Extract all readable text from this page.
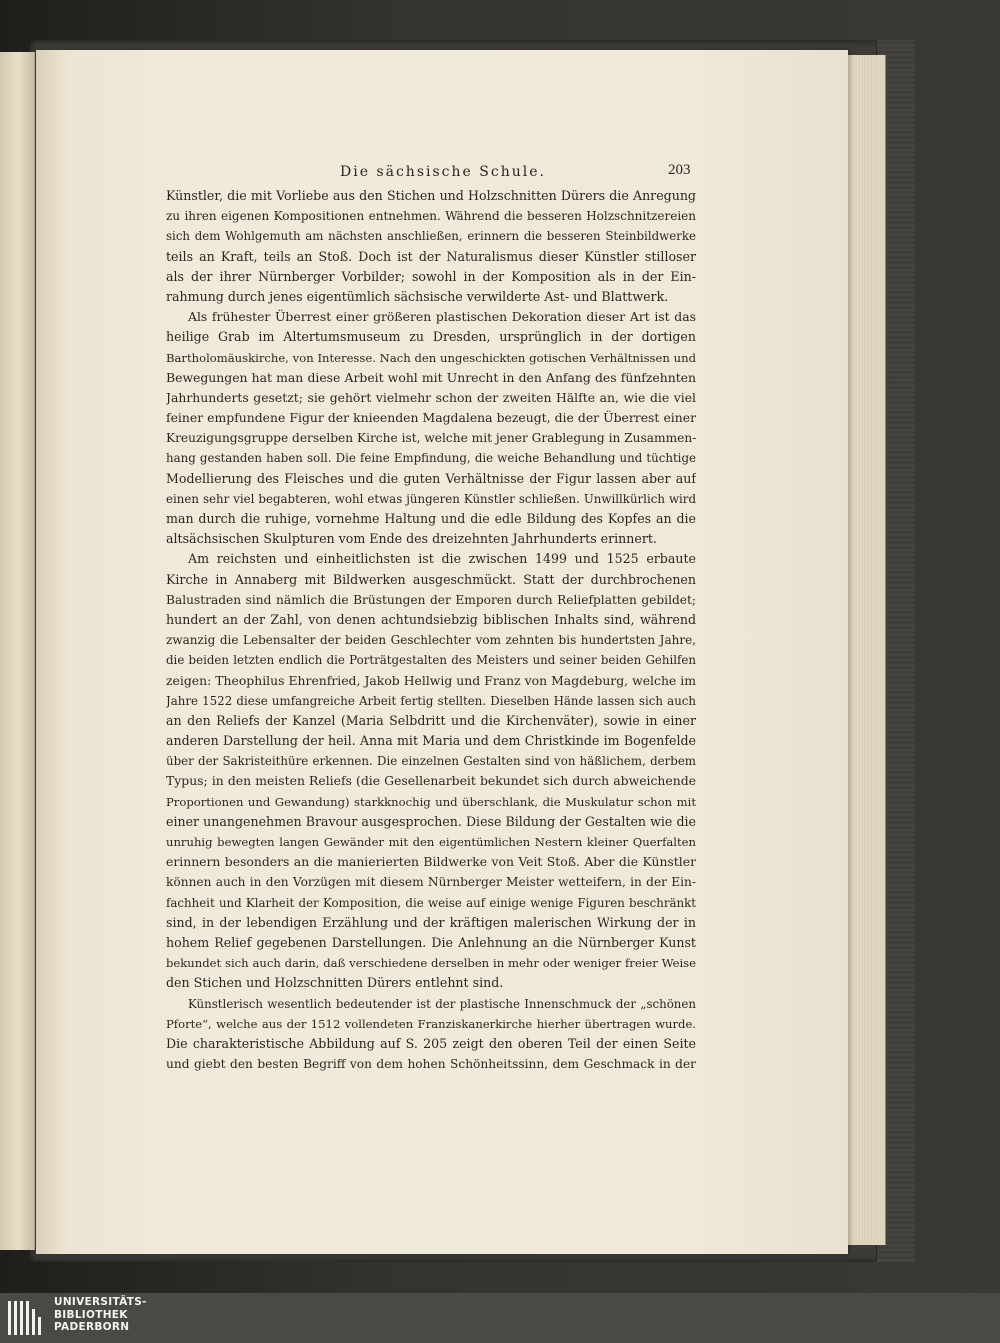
Die sächsische Schule.	203
Künstler, die mit Vorliebe aus den Stichen und Holzschnitten Dürers die Anregung
zu ihren eigenen Kompositionen entnehmen. Während die besseren Holzschnitzereien
sich dem Wohlgemuth am nächsten anschließen, erinnern die besseren Steinbildwerke
teils an Kraft, teils an Stoß. Doch ist der Naturalismus dieser Künstler stilloser
als der ihrer Nürnberger Vorbilder; sowohl in der Komposition als in der Ein-
rahmung durch jenes eigentümlich sächsische verwilderte Ast- und Blattwerk.
Als frühester Überrest einer größeren plastischen Dekoration dieser Art ist das
heilige Grab im Altertumsmuseum zu Dresden, ursprünglich in der dortigen
Bartholomäuskirche, von Interesse. Nach den ungeschickten gotischen Verhältnissen und
Bewegungen hat man diese Arbeit wohl mit Unrecht in den Anfang des fünfzehnten
Jahrhunderts gesetzt; sie gehört vielmehr schon der zweiten Hälfte an, wie die viel
feiner empfundene Figur der knieenden Magdalena bezeugt, die der Überrest einer
Kreuzigungsgruppe derselben Kirche ist, welche mit jener Grablegung in Zusammen-
hang gestanden haben soll. Die feine Empfindung, die weiche Behandlung und tüchtige
Modellierung des Fleisches und die guten Verhältnisse der Figur lassen aber auf
einen sehr viel begabteren, wohl etwas jüngeren Künstler schließen. Unwillkürlich wird
man durch die ruhige, vornehme Haltung und die edle Bildung des Kopfes an die
altsächsischen Skulpturen vom Ende des dreizehnten Jahrhunderts erinnert.
Am reichsten und einheitlichsten ist die zwischen 1499 und 1525 erbaute
Kirche in Annaberg mit Bildwerken ausgeschmückt. Statt der durchbrochenen
Balustraden sind nämlich die Brüstungen der Emporen durch Reliefplatten gebildet;
hundert an der Zahl, von denen achtundsiebzig biblischen Inhalts sind, während
zwanzig die Lebensalter der beiden Geschlechter vom zehnten bis hundertsten Jahre,
die beiden letzten endlich die Porträtgestalten des Meisters und seiner beiden Gehilfen
zeigen: Theophilus Ehrenfried, Jakob Hellwig und Franz von Magdeburg, welche im
Jahre 1522 diese umfangreiche Arbeit fertig stellten. Dieselben Hände lassen sich auch
an den Reliefs der Kanzel (Maria Selbdritt und die Kirchenväter), sowie in einer
anderen Darstellung der heil. Anna mit Maria und dem Christkinde im Bogenfelde
über der Sakristeithüre erkennen. Die einzelnen Gestalten sind von häßlichem, derbem
Typus; in den meisten Reliefs (die Gesellenarbeit bekundet sich durch abweichende
Proportionen und Gewandung) starkknochig und überschlank, die Muskulatur schon mit
einer unangenehmen Bravour ausgesprochen. Diese Bildung der Gestalten wie die
unruhig bewegten langen Gewänder mit den eigentümlichen Nestern kleiner Querfalten
erinnern besonders an die manierierten Bildwerke von Veit Stoß. Aber die Künstler
können auch in den Vorzügen mit diesem Nürnberger Meister wetteifern, in der Ein-
fachheit und Klarheit der Komposition, die weise auf einige wenige Figuren beschränkt
sind, in der lebendigen Erzählung und der kräftigen malerischen Wirkung der in
hohem Relief gegebenen Darstellungen. Die Anlehnung an die Nürnberger Kunst
bekundet sich auch darin, daß verschiedene derselben in mehr oder weniger freier Weise
den Stichen und Holzschnitten Dürers entlehnt sind.
Künstlerisch wesentlich bedeutender ist der plastische Innenschmuck der „schönen
Pforte“, welche aus der 1512 vollendeten Franziskanerkirche hierher übertragen wurde.
Die charakteristische Abbildung auf S. 205 zeigt den oberen Teil der einen Seite
und giebt den besten Begriff von dem hohen Schönheitssinn, dem Geschmack in der
UNIVERSITÄTS-
BIBLIOTHEK
PADERBORN
